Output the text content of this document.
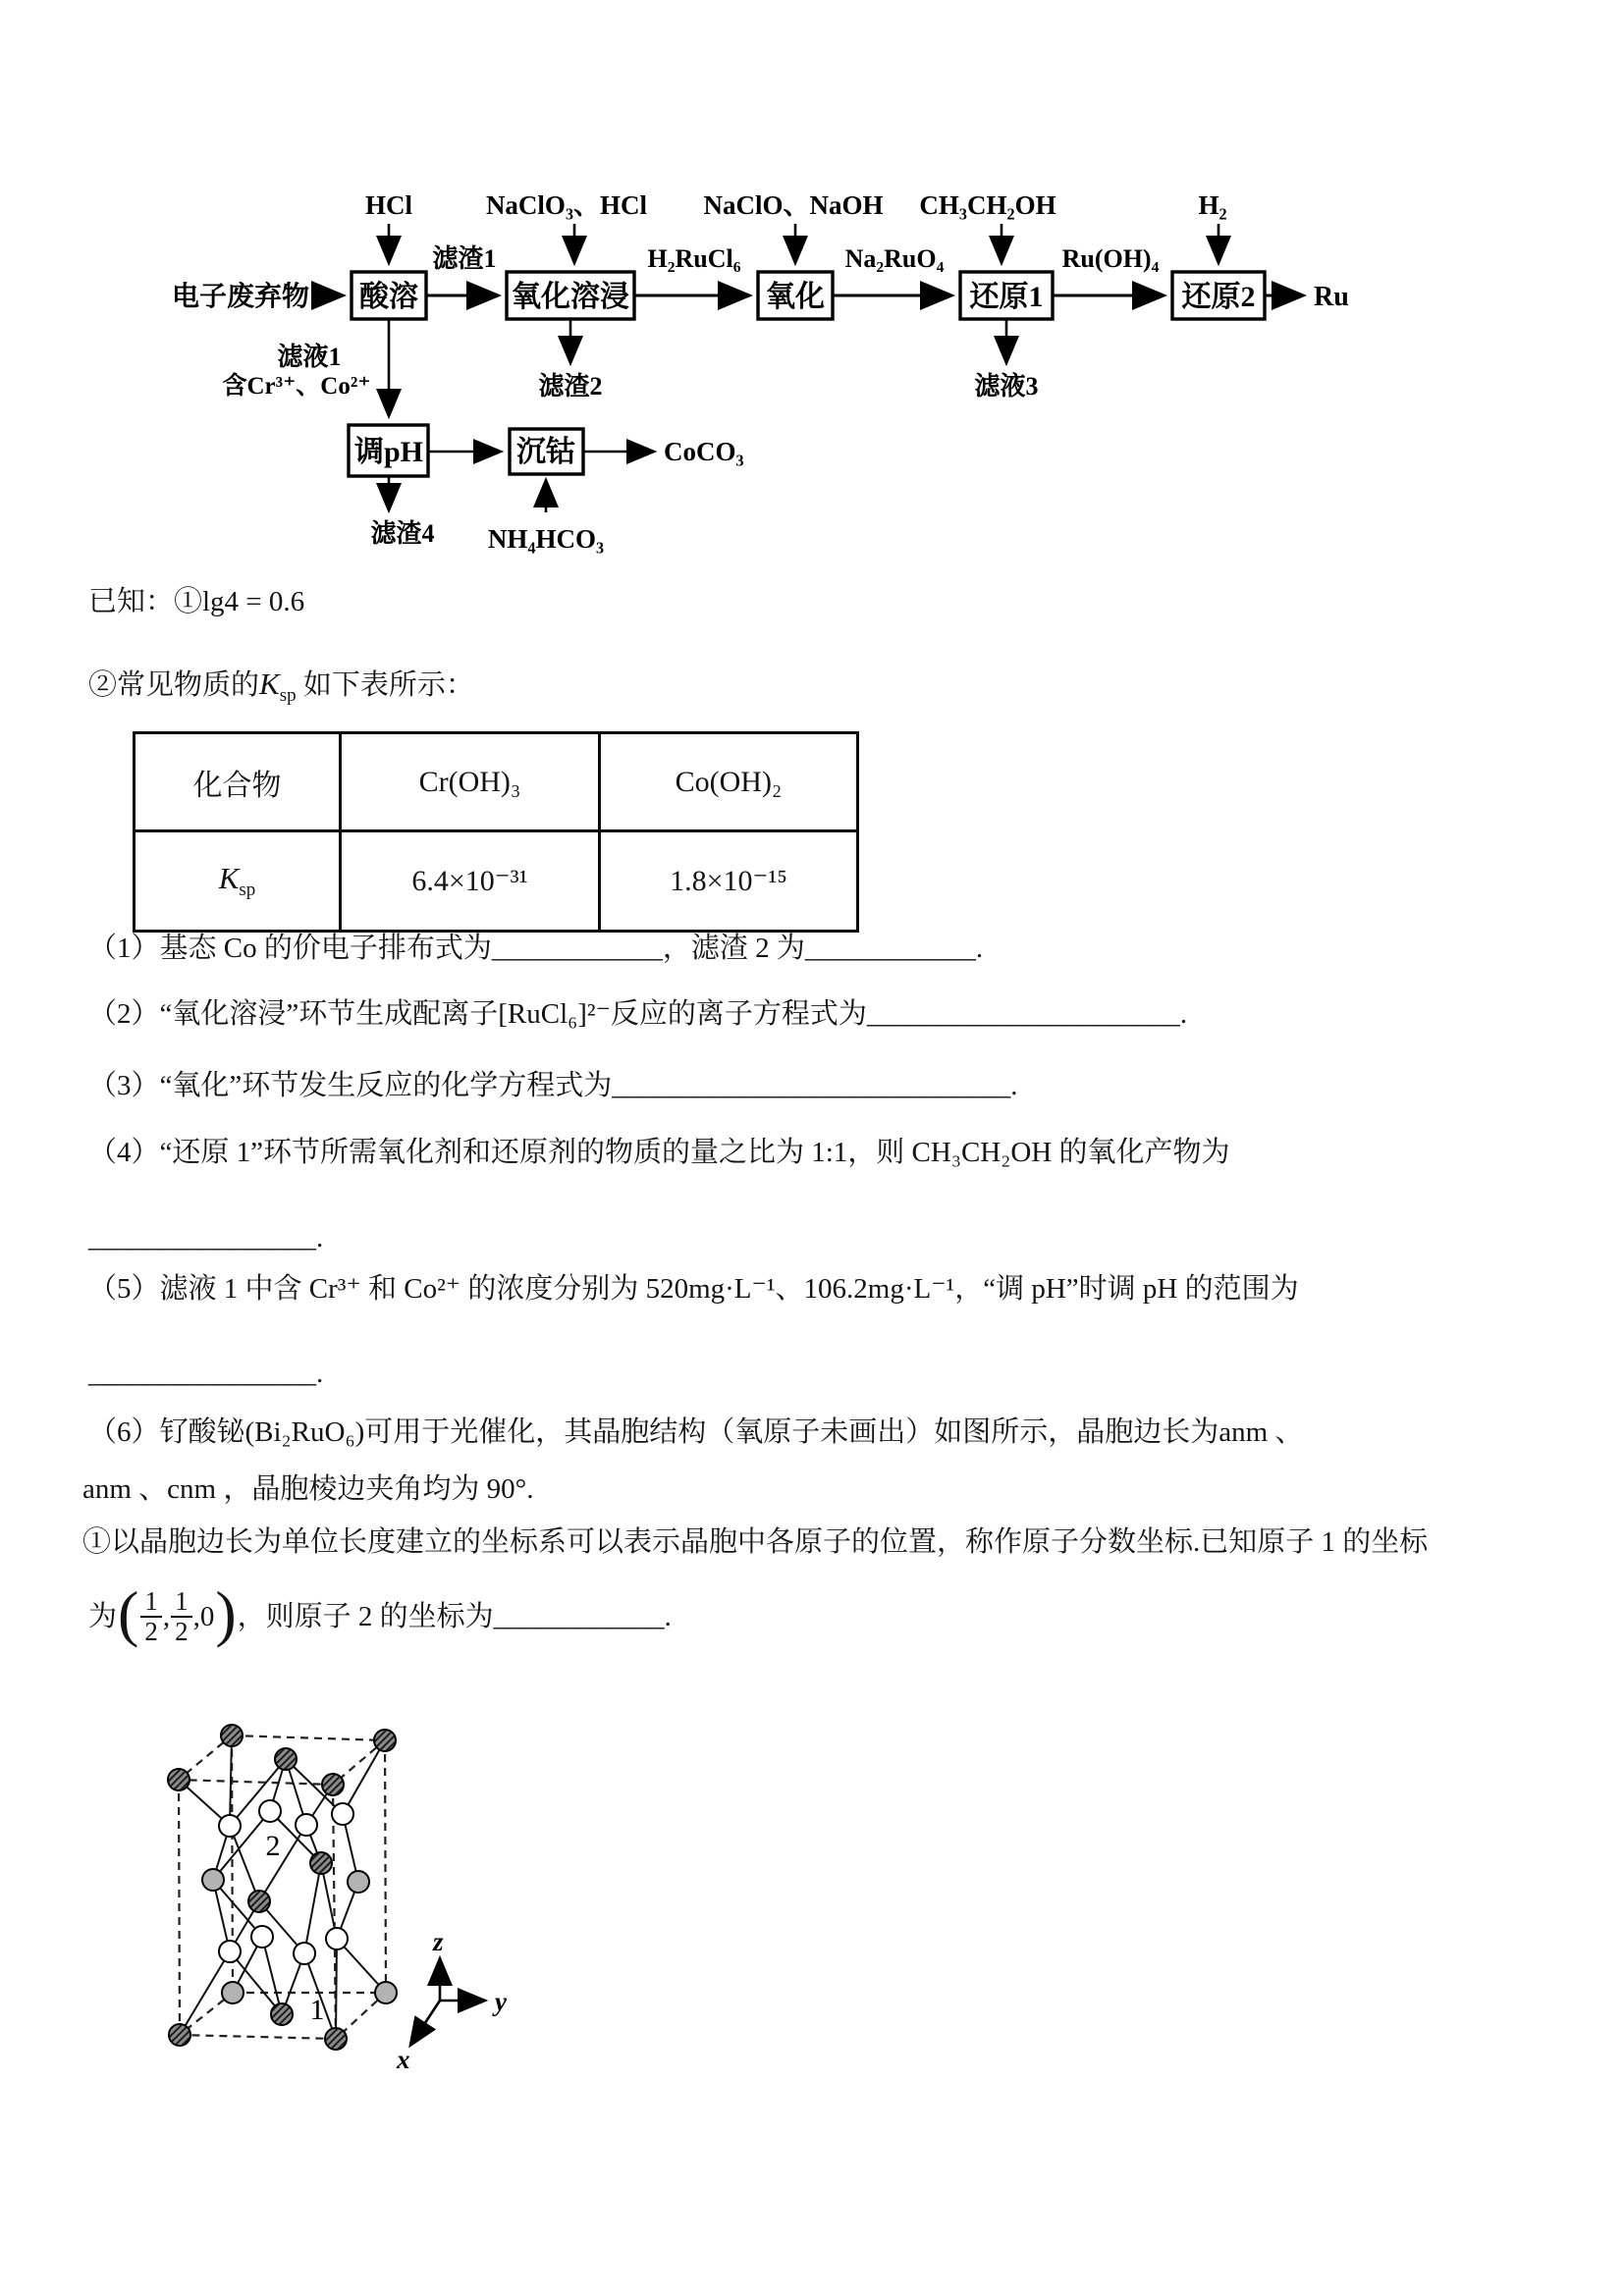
酸溶	氧化溶浸	氧化	还原1	还原2
调pH	沉钴
HCl	NaClO₃、HCl NaClO、NaOH CH₃CH₂OH	H₂
滤渣1	H₂RuCl₆	Na₂RuO₄	Ru(OH)₄
电子废弃物	Ru
滤渣2	滤液3
滤液1
含Cr³⁺、Co²⁺
滤渣4 NH₄HCO₃
CoCO₃
已知：①lg4 = 0.6
②常见物质的$K_{sp}$ 如下表所示：
化合物	Cr(OH)₃	Co(OH)₂
$K_{sp}$	6.4×10⁻³¹	1.8×10⁻¹⁵
（1）基态 Co 的价电子排布式为____________，滤渣 2 为____________.
（2）“氧化溶浸”环节生成配离子[RuCl₆]²⁻反应的离子方程式为______________________.
（3）“氧化”环节发生反应的化学方程式为____________________________.
（4）“还原 1”环节所需氧化剂和还原剂的物质的量之比为 1:1，则 CH₃CH₂OH 的氧化产物为
________________.
（5）滤液 1 中含 Cr³⁺ 和 Co²⁺ 的浓度分别为 520mg·L⁻¹、106.2mg·L⁻¹，“调 pH”时调 pH 的范围为
________________.
（6）钌酸铋(Bi₂RuO₆)可用于光催化，其晶胞结构（氧原子未画出）如图所示，晶胞边长为anm 、
anm 、cnm ，晶胞棱边夹角均为 90°.
①以晶胞边长为单位长度建立的坐标系可以表示晶胞中各原子的位置，称作原子分数坐标.已知原子 1 的坐标
为 ( 1
2 ,
1
2 , 0 ) ，则原子 2 的坐标为____________.
2
1
z
y
x
